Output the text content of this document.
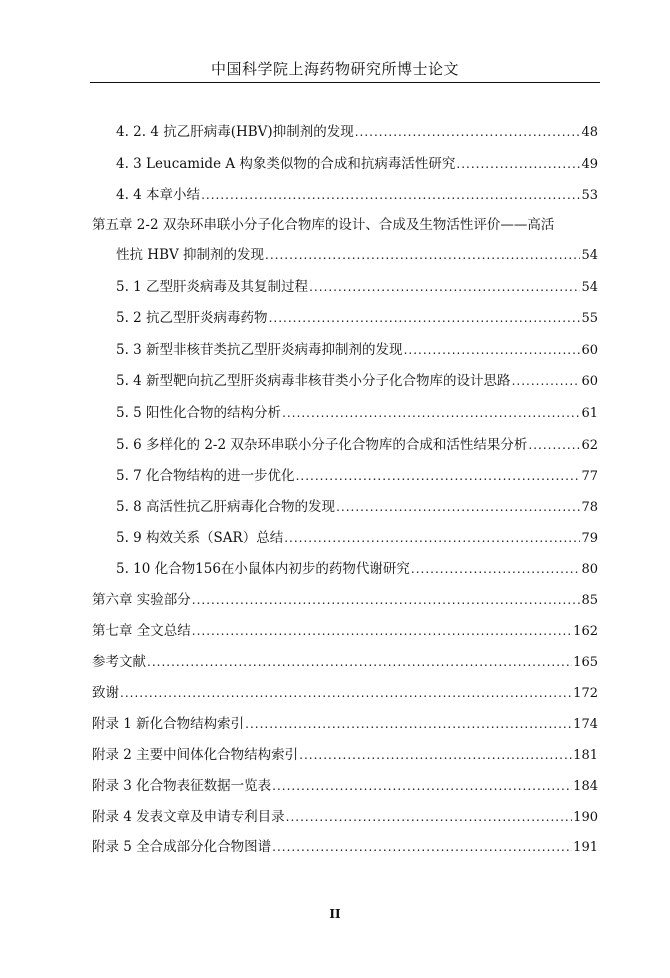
中国科学院上海药物研究所博士论文
4. 2. 4 抗乙肝病毒(HBV)抑制剂的发现 .....	48
4. 3 Leucamide A 构象类似物的合成和抗病毒活性研究 .....	49
4. 4 本章小结 .....	53
第五章 2-2 双杂环串联小分子化合物库的设计、合成及生物活性评价——高活
性抗 HBV 抑制剂的发现 .....	54
5. 1 乙型肝炎病毒及其复制过程 .....	54
5. 2 抗乙型肝炎病毒药物 .....	55
5. 3 新型非核苷类抗乙型肝炎病毒抑制剂的发现 .....	60
5. 4 新型靶向抗乙型肝炎病毒非核苷类小分子化合物库的设计思路 .....	60
5. 5 阳性化合物的结构分析 .....	61
5. 6 多样化的 2-2 双杂环串联小分子化合物库的合成和活性结果分析 .....	62
5. 7 化合物结构的进一步优化 .....	77
5. 8 高活性抗乙肝病毒化合物的发现 .....	78
5. 9 构效关系（SAR）总结 .....	79
5. 10 化合物156在小鼠体内初步的药物代谢研究 .....	80
第六章 实验部分 .....	85
第七章 全文总结 .....	162
参考文献 .....	165
致谢 .....	172
附录 1 新化合物结构索引 .....	174
附录 2 主要中间体化合物结构索引 .....	181
附录 3 化合物表征数据一览表 .....	184
附录 4 发表文章及申请专利目录 .....	190
附录 5 全合成部分化合物图谱 .....	191
II
